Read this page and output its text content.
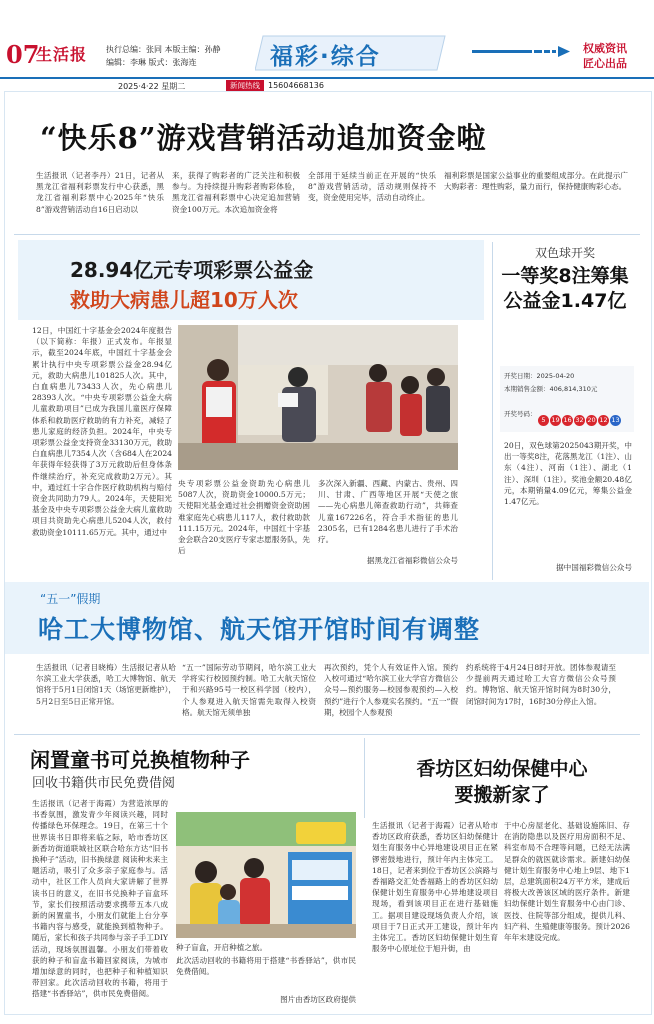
07
生活报 执行总编：张同 本版主编：孙静
编辑：李琳 版式：张海连	福彩·综合	权威资讯
匠心出品
2025·4·22 星期二	新闻热线	15604668136
“快乐8”游戏营销活动追加资金啦
生活报讯（记者李丹）21日，记者从黑龙江省福利彩票发行中心获悉，黑龙江省福利彩票中心2025年“快乐8”游戏营销活动自16日启动以
来，获得了购彩者的广泛关注和积极参与。为持续提升购彩者购彩体验，黑龙江省福利彩票中心决定追加营销资金100万元。本次追加资金将
全部用于延续当前正在开展的“快乐8”游戏营销活动，活动规则保持不变，资金使用完毕，活动自动终止。
福利彩票是国家公益事业的重要组成部分。在此提示广大购彩者：理性购彩，量力而行，保持健康购彩心态。
28.94亿元专项彩票公益金
救助大病患儿超10万人次
12日，中国红十字基金会2024年度报告（以下简称：年报）正式发布。年报显示，截至2024年底，中国红十字基金会累计执行中央专项彩票公益金28.94亿元，救助大病患儿101825人次。其中，白血病患儿73433人次，先心病患儿28393人次。“中央专项彩票公益金大病儿童救助项目”已成为我国儿童医疗保障体系和救助医疗救助的有力补充，减轻了患儿家庭的经济负担。2024年，中央专项彩票公益金支持资金33130万元，救助白血病患儿7354人次（含684人在2024年获得年轻获得了3万元救助后但身体条件继续治疗，补充完成救助2万元）。其中，通过红十字合作医疗救助机构与赔付资金共同助力79人。2024年，天使阳光基金及中央专项彩票公益金大病儿童救助项目共资助先心病患儿5204人次，救付救助资金10111.65万元。其中，通过中
央专项彩票公益金资助先心病患儿5087人次，资助资金10000.5万元；天使阳光基金通过社会捐赠资金资助困难家庭先心病患儿117人，救付救助款111.15万元。2024年，中国红十字基金会联合20支医疗专家志愿服务队，先后
多次深入新疆、西藏、内蒙古、贵州、四川、甘肃、广西等地区开展“天使之旅——先心病患儿筛查救助行动”，共筛查儿童167226名，符合手术指征的患儿2305名，已有1284名患儿进行了手术治疗。
据黑龙江省福彩微信公众号
双色球开奖
一等奖8注筹集公益金1.47亿
开奖日期：2025-04-20
本期销售金额：406,814,310元
开奖号码：
5 19 16 32 20 12 13
20日，双色球第2025043期开奖，中出一等奖8注，花落黑龙江（1注）、山东（4注）、河南（1注）、湖北（1注）、深圳（1注）。奖池金额20.48亿元，本期销量4.09亿元，筹集公益金1.47亿元。
据中国福彩微信公众号
“五一”假期
哈工大博物馆、航天馆开馆时间有调整
生活报讯（记者目晓梅）生活报记者从哈尔滨工业大学获悉，哈工大博物馆、航天馆将于5月1日闭馆1天（场馆更新维护），5月2日至5日正常开馆。
“五一”国际劳动节期间，哈尔滨工业大学将实行校园预约制。哈工大航天馆位于和兴路95号一校区科学园（校内），个人参观进入航天馆需先取得入校资格。航天馆无须单独
再次预约，凭个人有效证件入馆。预约入校可通过“哈尔滨工业大学官方微信公众号—预约服务—校园参观预约—入校预约”进行个人参观实名预约。“五一”假期，校园个人参观预
约系统将于4月24日8时开放。团体参观请至少提前两天通过哈工大官方微信公众号预约。博物馆、航天馆开馆时间为8时30分，闭馆时间为17时，16时30分停止入馆。
闲置童书可兑换植物种子
回收书籍供市民免费借阅
生活报讯（记者于海霞）为营造浓厚的书香氛围，激发青少年阅读兴趣，同时传播绿色环保理念。19日，在第三十个世界读书日即将来临之际，哈市香坊区新香坊街道联城社区联合哈东方达“旧书换种子”活动，旧书换绿意 阅读种未来主题活动，吸引了众多亲子家庭参与。活动中，社区工作人员向大家讲解了世界读书日的意义，在旧书兑换种子盲盒环节，家长们按照活动要求携带五本八成新的闲置童书，小朋友们就能上台分享书籍内容与感受，就能换到植物种子。随后，家长和孩子共同参与亲子手工DIY活动，现场氛围温馨。小朋友们带着收获的种子和盲盒书籍回家阅读，为城市增加绿意的同时，也把种子和种植知识带回家。此次活动回收的书籍，将用于搭建“书香驿站”，供市民免费借阅。
种子盲盒，开启种植之旅。
此次活动回收的书籍将用于搭建“书香驿站”，供市民免费借阅。
图片由香坊区政府提供
香坊区妇幼保健中心
要搬新家了
生活报讯（记者于海霞）记者从哈市香坊区政府获悉，香坊区妇幼保健计划生育服务中心异地建设项目正在紧锣密鼓地进行，预计年内主体完工。18日，记者来到位于香坊区公滨路与香福路交汇处香福路上的香坊区妇幼保健计划生育服务中心异地建设项目现场，看到该项目正在进行基础施工。据项目建设现场负责人介绍，该项目于7日正式开工建设，预计年内主体完工。香坊区妇幼保健计划生育服务中心原址位于旭升街，由
于中心房屋老化、基础设施陈旧、存在消防隐患以及医疗用房面积不足、科室布局不合理等问题，已经无法满足群众的就医就诊需求。新建妇幼保健计划生育服务中心地上9层、地下1层，总建筑面积24万平方米，建成后将极大改善该区域的医疗条件。新建妇幼保健计划生育服务中心由门诊、医技、住院等部分组成，提供儿科、妇产科、生殖健康等服务。预计2026年年末建设完成。
